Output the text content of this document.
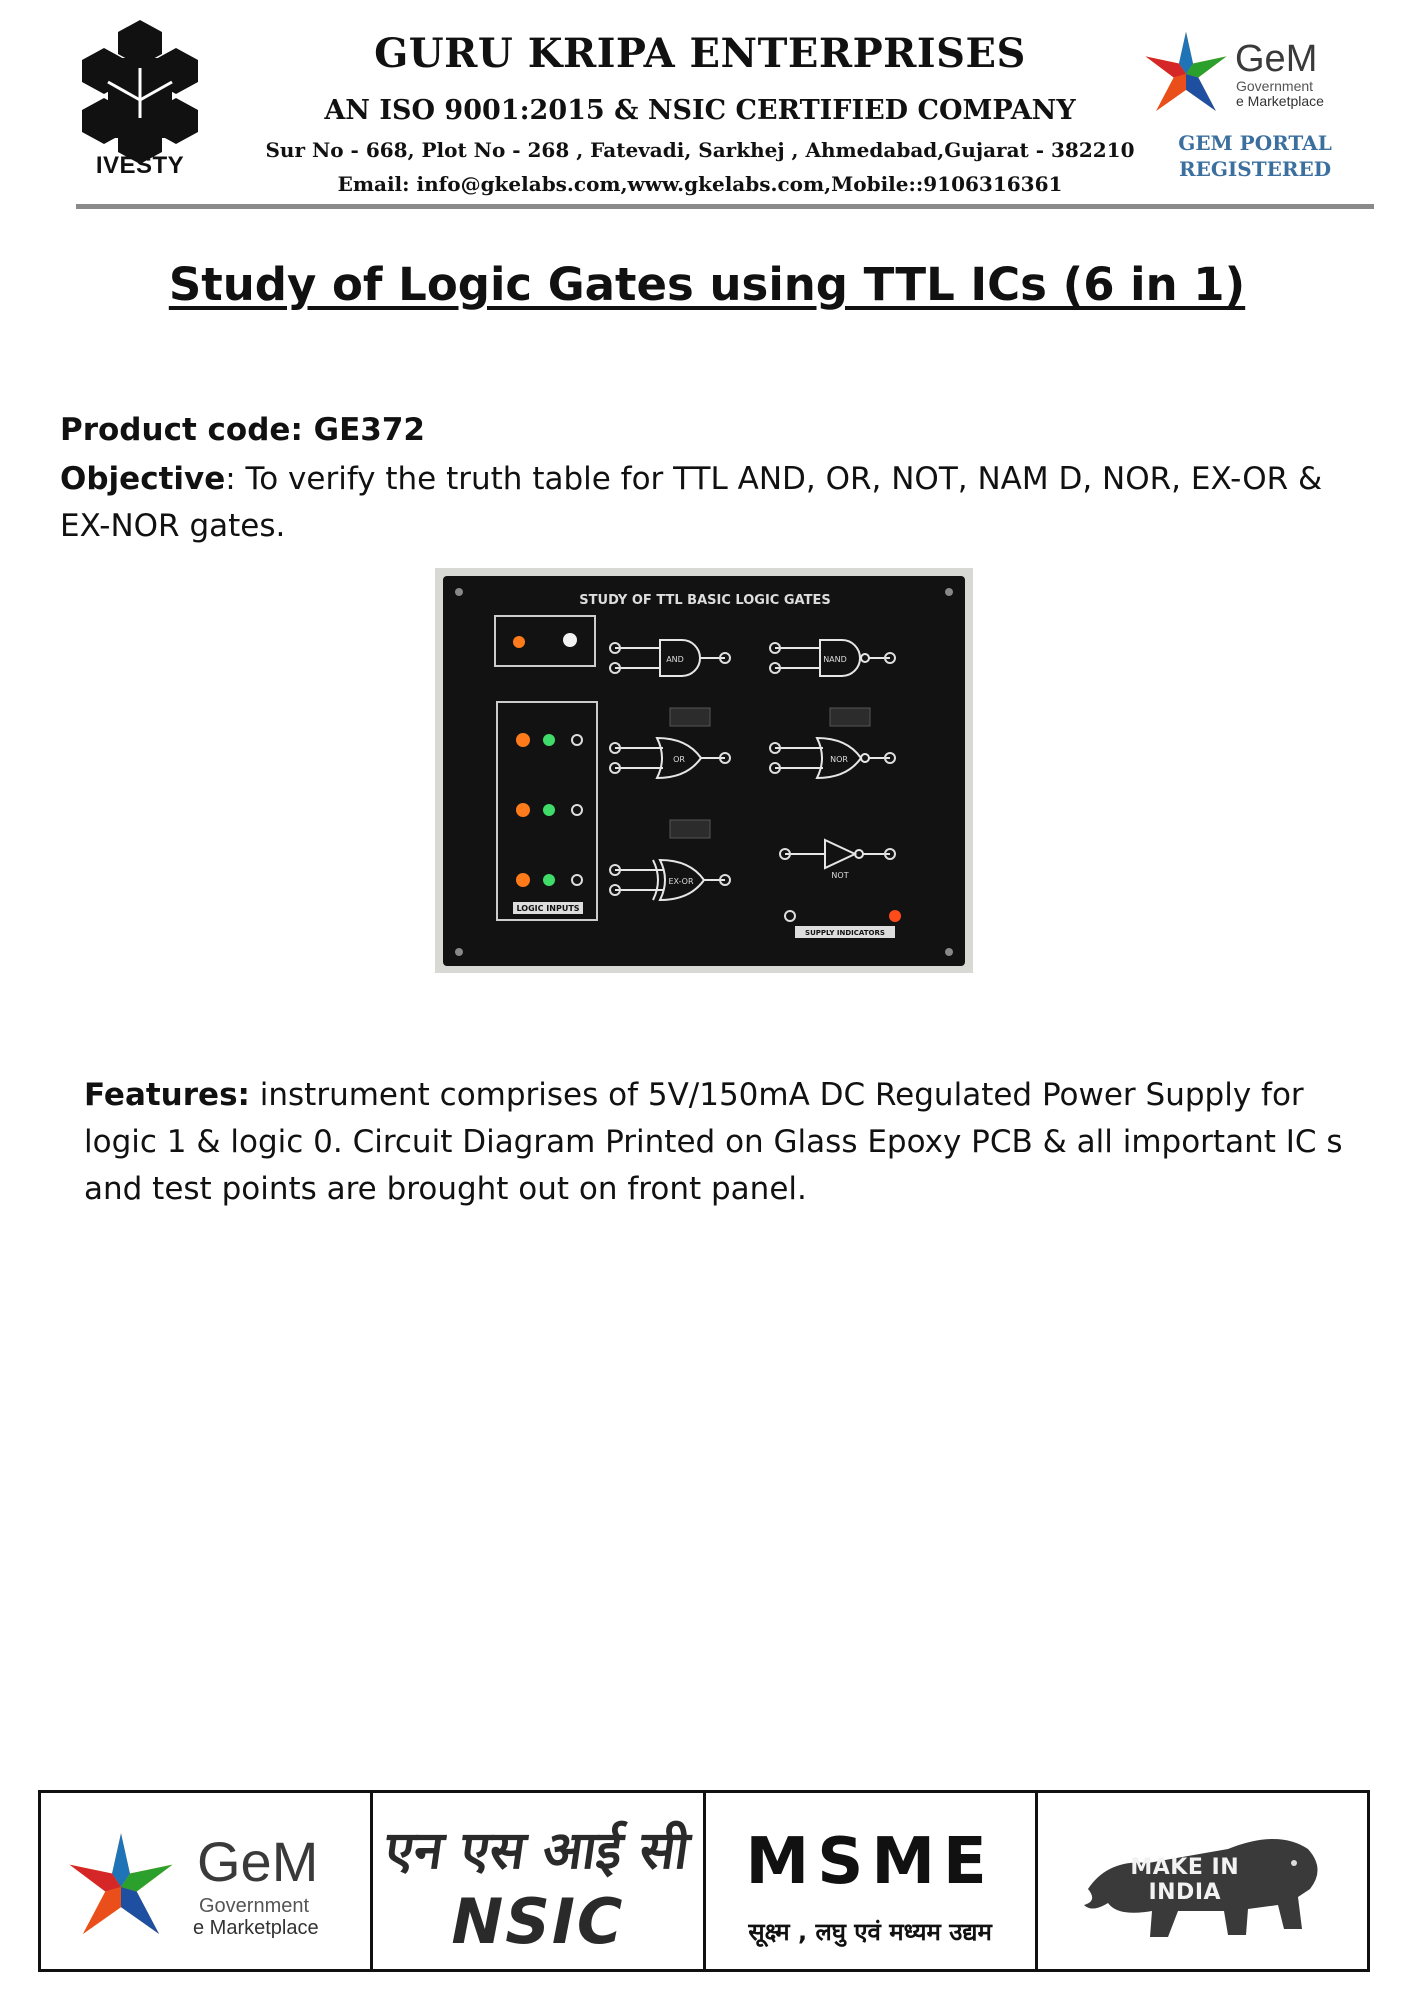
IVESTY
GURU KRIPA ENTERPRISES
AN ISO 9001:2015 & NSIC CERTIFIED COMPANY
Sur No - 668, Plot No - 268 , Fatevadi, Sarkhej , Ahmedabad,Gujarat - 382210
Email: info@gkelabs.com,www.gkelabs.com,Mobile::9106316361
GeM
Government
e Marketplace
GEM PORTAL
REGISTERED
Study of Logic Gates using TTL ICs (6 in 1)
Product code: GE372
Objective: To verify the truth table for TTL AND, OR, NOT, NAM D, NOR, EX-OR & EX-NOR gates.
STUDY OF TTL BASIC LOGIC GATES
LOGIC INPUTS
AND	NAND
OR	NOR
EX-OR
NOT
SUPPLY INDICATORS
Features: instrument comprises of 5V/150mA DC Regulated Power Supply for logic 1 & logic 0. Circuit Diagram Printed on Glass Epoxy PCB & all important IC s and test points are brought out on front panel.
GeM
Government
e Marketplace
एन एस आई सी
NSIC
MSME
सूक्ष्म , लघु एवं मध्यम उद्यम
MAKE IN INDIA
